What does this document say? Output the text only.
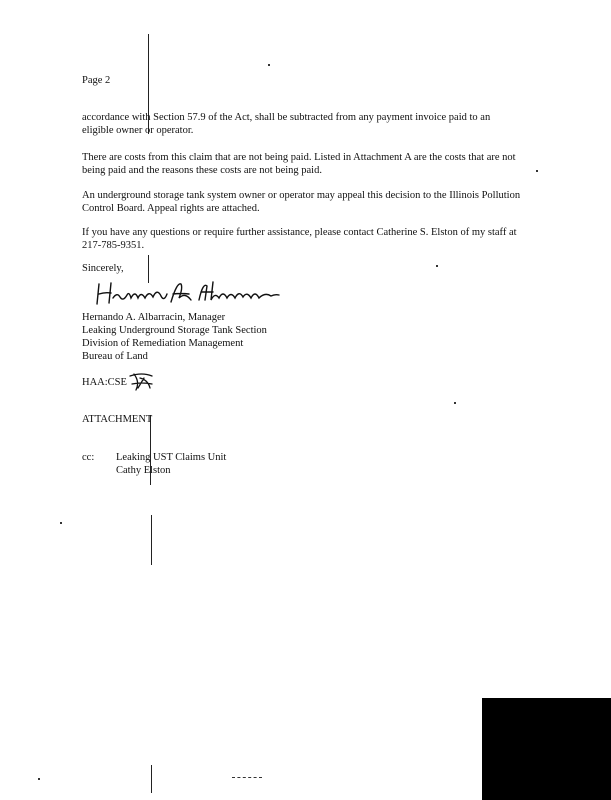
Page 2
accordance with Section 57.9 of the Act, shall be subtracted from any payment invoice paid to an eligible owner or operator.
There are costs from this claim that are not being paid. Listed in Attachment A are the costs that are not being paid and the reasons these costs are not being paid.
An underground storage tank system owner or operator may appeal this decision to the Illinois Pollution Control Board. Appeal rights are attached.
If you have any questions or require further assistance, please contact Catherine S. Elston of my staff at 217-785-9351.
Sincerely,
Hernando A. Albarracin, Manager
Leaking Underground Storage Tank Section
Division of Remediation Management
Bureau of Land
HAA:CSE
ATTACHMENT
cc: Leaking UST Claims Unit
Cathy Elston
